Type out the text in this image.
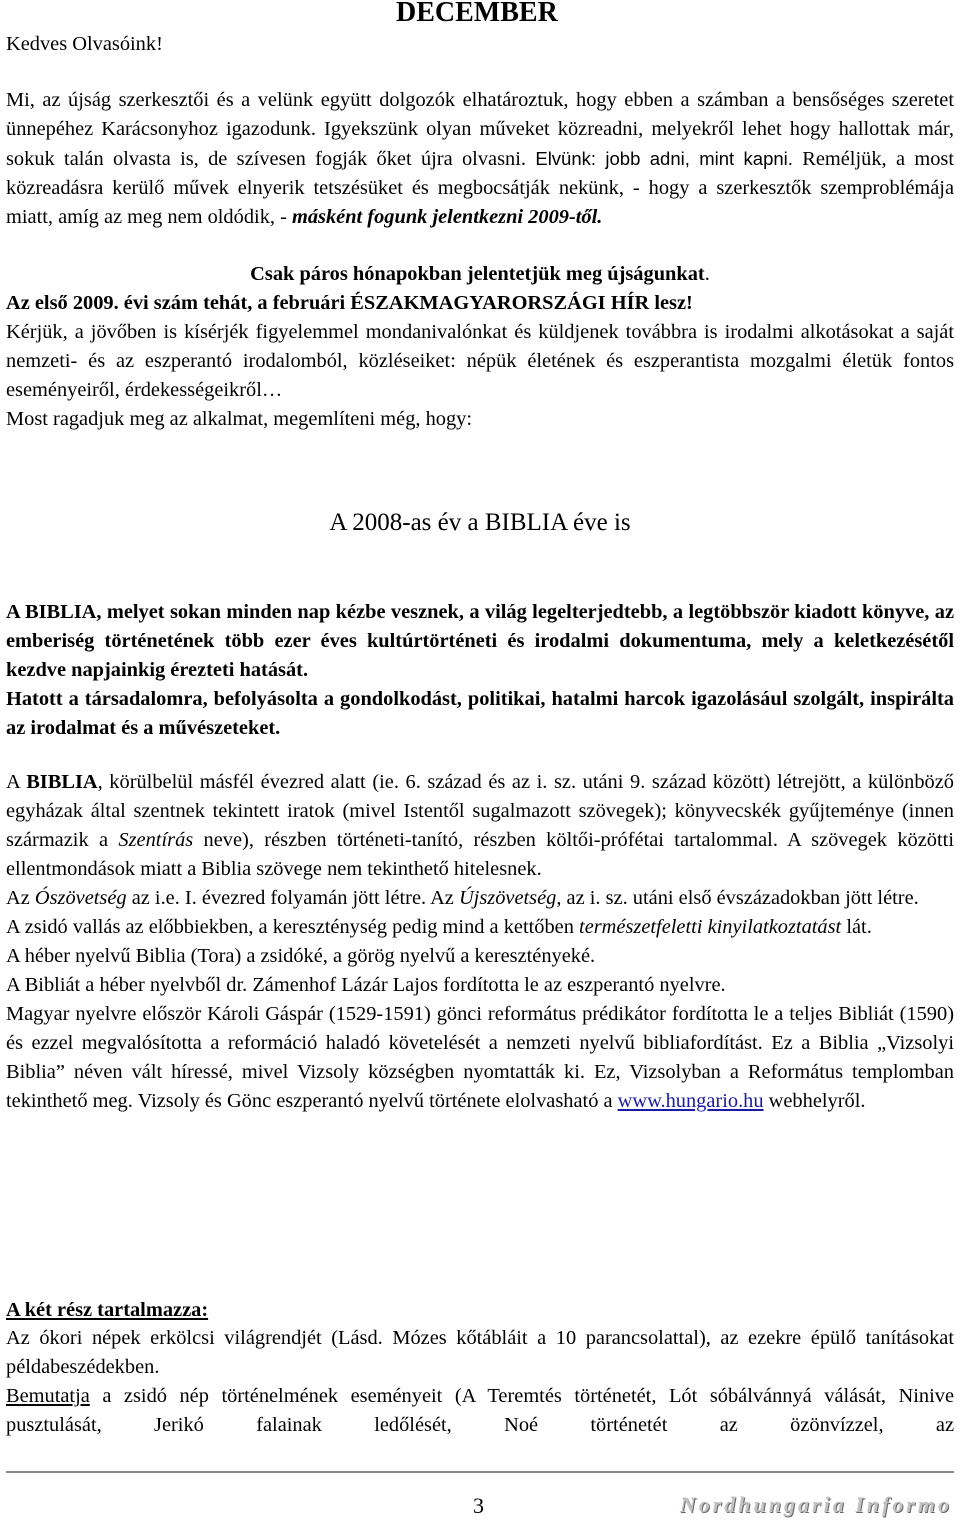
Kedves Olvasóink!
DECEMBER

Mi, az újság szerkesztői és a velünk együtt dolgozók elhatároztuk, hogy ebben a számban a bensőséges szeretet ünnepéhez Karácsonyhoz igazodunk. Igyekszünk olyan műveket közreadni, melyekről lehet hogy hallottak már, sokuk talán olvasta is, de szívesen fogják őket újra olvasni. Elvünk: jobb adni, mint kapni. Reméljük, a most közreadásra kerülő művek elnyerik tetszésüket és megbocsátják nekünk, - hogy a szerkesztők szemproblémája miatt, amíg az meg nem oldódik, - másként fogunk jelentkezni 2009-től.

Csak páros hónapokban jelentetjük meg újságunkat.
Az első 2009. évi szám tehát, a februári ÉSZAKMAGYARORSZÁGI HÍR lesz!

Kérjük, a jövőben is kísérjék figyelemmel mondanivalónkat és küldjenek továbbra is irodalmi alkotásokat a saját nemzeti- és az eszperantó irodalomból, közléseiket: népük életének és eszperantista mozgalmi életük fontos eseményeiről, érdekességeikről…
Most ragadjuk meg az alkalmat, megemlíteni még, hogy:

A 2008-as év a BIBLIA éve is

A BIBLIA, melyet sokan minden nap kézbe vesznek, a világ legelterjedtebb, a legtöbbször kiadott könyve, az emberiség történetének több ezer éves kultúrtörténeti és irodalmi dokumentuma, mely a keletkezésétől kezdve napjainkig érezteti hatását.

Hatott a társadalomra, befolyásolta a gondolkodást, politikai, hatalmi harcok igazolásául szolgált, inspirálta az irodalmat és a művészeteket.

A BIBLIA, körülbelül másfél évezred alatt (ie. 6. század és az i. sz. utáni 9. század között) létrejött, a különböző egyházak által szentnek tekintett iratok (mivel Istentől sugalmazott szövegek); könyvecskék gyűjteménye (innen származik a Szentírás neve), részben történeti-tanító, részben költői-prófétai tartalommal. A szövegek közötti ellentmondások miatt a Biblia szövege nem tekinthető hitelesnek.

Az Ószövetség az i.e. I. évezred folyamán jött létre. Az Újszövetség, az i. sz. utáni első évszázadokban jött létre.

A zsidó vallás az előbbiekben, a kereszténység pedig mind a kettőben természetfeletti kinyilatkoztatást lát.

A héber nyelvű Biblia (Tora) a zsidóké, a görög nyelvű a keresztényeké.

A Bibliát a héber nyelvből dr. Zámenhof Lázár Lajos fordította le az eszperantó nyelvre.

Magyar nyelvre először Károli Gáspár (1529-1591) gönci református prédikátor fordította le a teljes Bibliát (1590) és ezzel megvalósította a reformáció haladó követelését a nemzeti nyelvű bibliafordítást. Ez a Biblia „Vizsolyi Biblia” néven vált híressé, mivel Vizsoly községben nyomtatták ki. Ez, Vizsolyban a Református templomban tekinthető meg. Vizsoly és Gönc eszperantó nyelvű története elolvasható a www.hungario.hu webhelyről.

A két rész tartalmazza:

Az ókori népek erkölcsi világrendjét (Lásd. Mózes kőtábláit a 10 parancsolattal), az ezekre épülő tanításokat példabeszédekben.

Bemutatja a zsidó nép történelmének eseményeit (A Teremtés történetét, Lót sóbálvánnyá válását, Ninive pusztulását, Jerikó falainak ledőlését, Noé történetét az özönvízzel, az

3	Nordhungaria Informo
